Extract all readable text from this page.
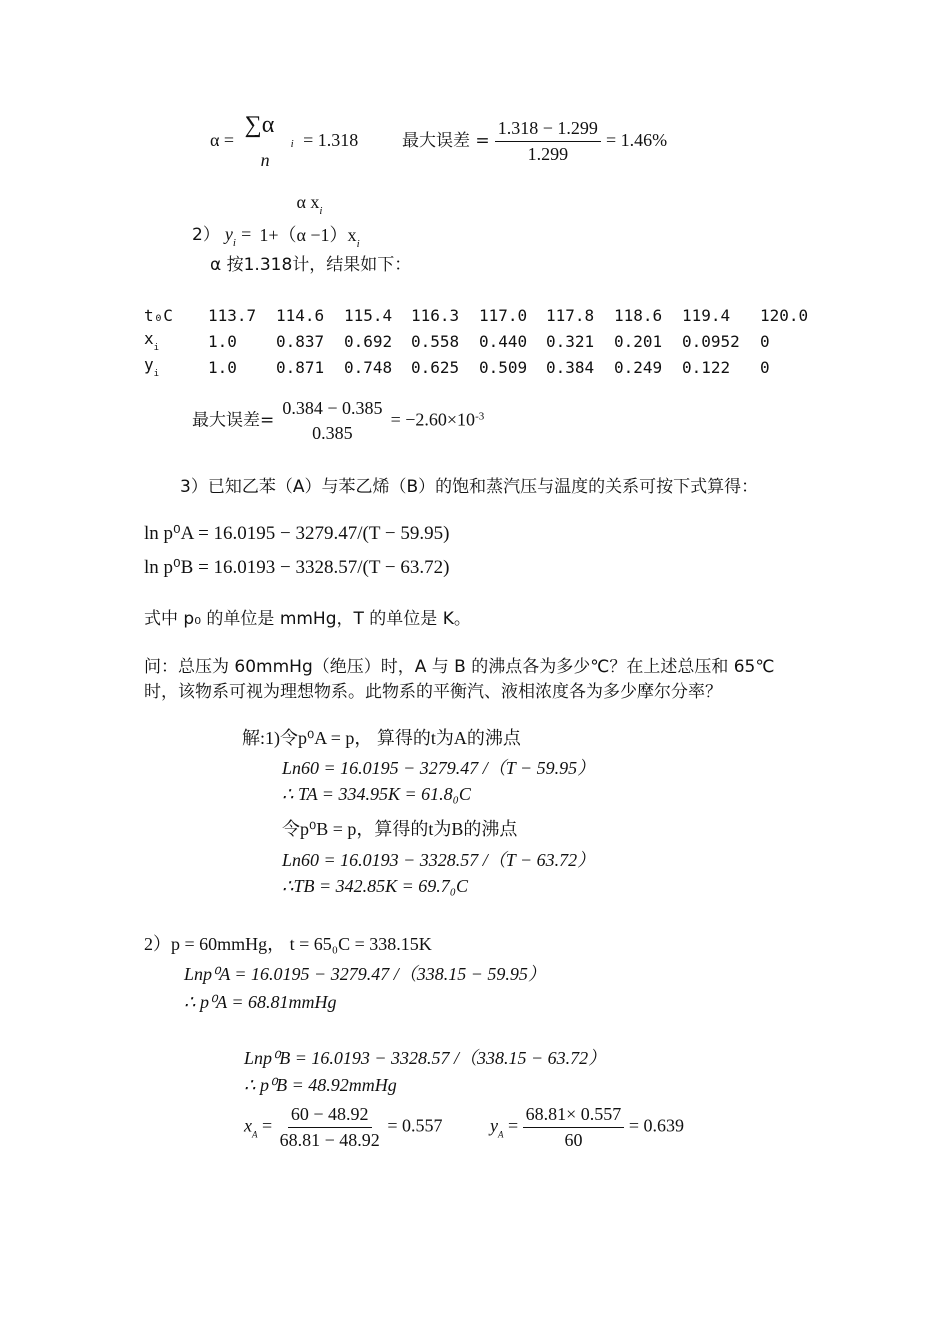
α =
∑α
n
i = 1.318	最大误差 = $\frac{1.318 - 1.299}{1.299} = 1.46\%$
2） $y_i$ =
α $x_i$
$1+(\alpha -1)x_i$
α 按1.318计，结果如下：
t₀C	113.7	114.6	115.4	116.3	117.0	117.8	118.6	119.4	120.0
$x_i$	1.0	0.837	0.692	0.558	0.440	0.321	0.201	0.0952	0
$y_i$	1.0	0.871	0.748	0.625	0.509	0.384	0.249	0.122	0
最大误差=
0.384 − 0.385
0.385
= $-2.60\times 10^{-3}$
3）已知乙苯（A）与苯乙烯（B）的饱和蒸汽压与温度的关系可按下式算得：
ln p⁰A = 16.0195 − 3279.47/(T − 59.95)
ln p⁰B = 16.0193 − 3328.57/(T − 63.72)
式中 p₀ 的单位是 mmHg，T 的单位是 K。
问：总压为 60mmHg（绝压）时，A 与 B 的沸点各为多少℃？在上述总压和 65℃
时，该物系可视为理想物系。此物系的平衡汽、液相浓度各为多少摩尔分率？
解:1)令p⁰A = p， 算得的t为A的沸点
Ln60 = 16.0195 − 3279.47 /（T − 59.95）
∴ TA = 334.95K = 61.8₀C
令p⁰B = p，算得的t为B的沸点
Ln60 = 16.0193 − 3328.57 /（T − 63.72）
∴TB = 342.85K = 69.7₀C
2）p = 60mmHg， t = 65₀C = 338.15K
Lnp⁰A = 16.0195 − 3279.47 /（338.15 − 59.95）
∴ p⁰A = 68.81mmHg
Lnp⁰B = 16.0193 − 3328.57 /（338.15 − 63.72）
∴ p⁰B = 48.92mmHg
$x_A = \frac{60 - 48.92}{68.81 - 48.92} = 0.557$	$y_A = \frac{68.81\times 0.557}{60} = 0.639$
